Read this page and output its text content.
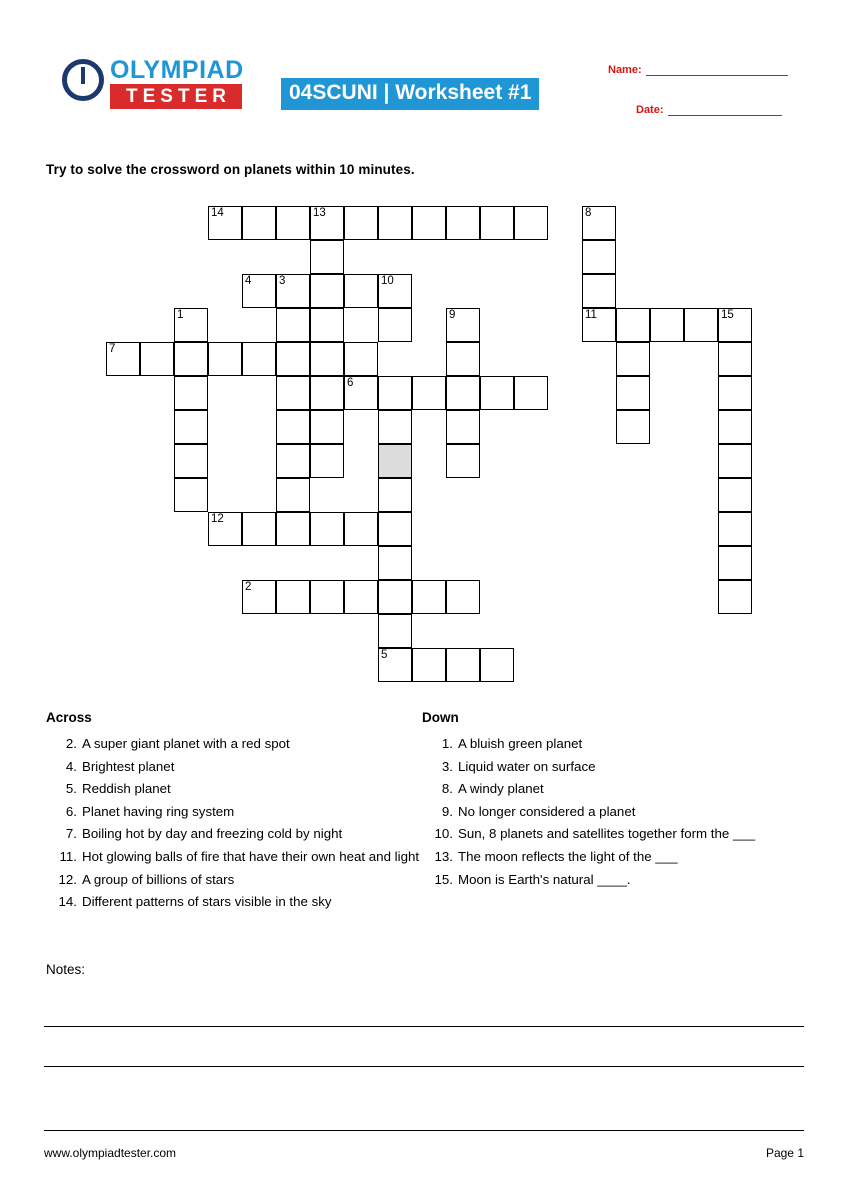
OLYMPIAD
TESTER	04SCUNI | Worksheet #1
Name:
Date:
Try to solve the crossword on planets within 10 minutes.
14	13	8
4 3	10
1	9	11	15
7
6
12
2
5
Across
2. A super giant planet with a red spot
4. Brightest planet
5. Reddish planet
6. Planet having ring system
7. Boiling hot by day and freezing cold by night
11. Hot glowing balls of fire that have their own heat and light
12. A group of billions of stars
14. Different patterns of stars visible in the sky
Down
1. A bluish green planet
3. Liquid water on surface
8. A windy planet
9. No longer considered a planet
10. Sun, 8 planets and satellites together form the ___
13. The moon reflects the light of the ___
15. Moon is Earth's natural ____.
Notes:
www.olympiadtester.com	Page 1
